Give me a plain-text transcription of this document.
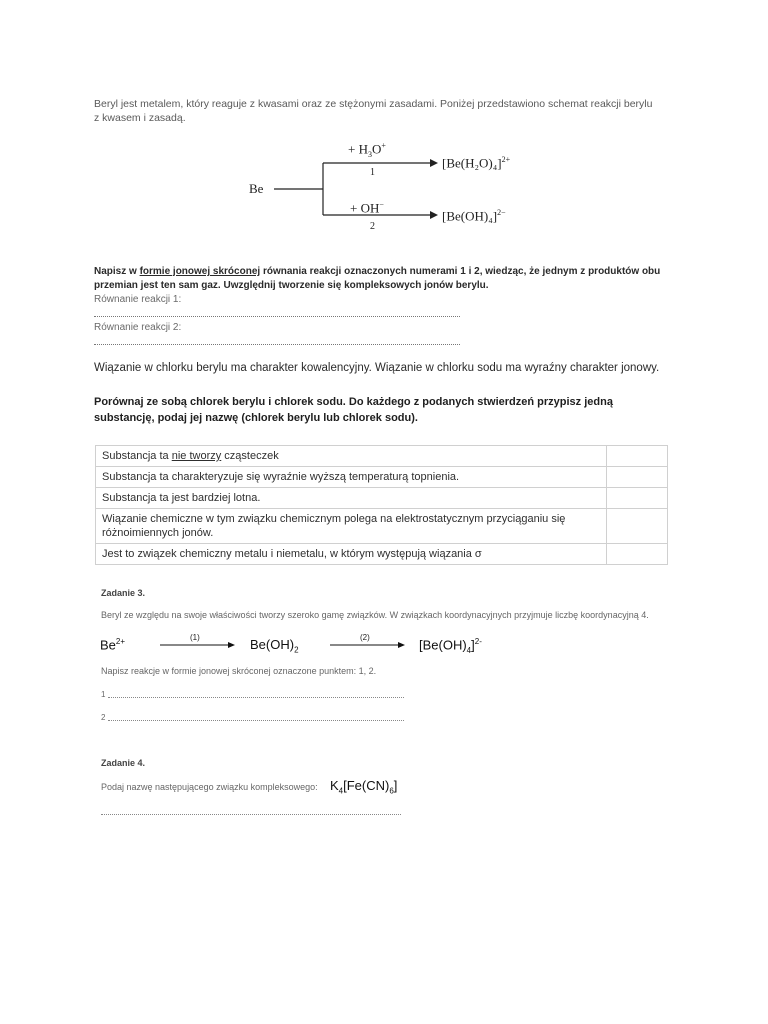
Beryl jest metalem, który reaguje z kwasami oraz ze stężonymi zasadami. Poniżej przedstawiono schemat reakcji berylu
z kwasem i zasadą.
Be
+ $H_3O^+$
1
$[Be(H_2O)_4]^{2+}$
+ OH−
2
$[Be(OH)_4]^{2-}$
Napisz w formie jonowej skróconej równania reakcji oznaczonych numerami 1 i 2, wiedząc, że jednym z produktów obu przemian jest ten sam gaz. Uwzględnij tworzenie się kompleksowych jonów berylu.
Równanie reakcji 1:
Równanie reakcji 2:
Wiązanie w chlorku berylu ma charakter kowalencyjny. Wiązanie w chlorku sodu ma wyraźny charakter jonowy.
Porównaj ze sobą chlorek berylu i chlorek sodu. Do każdego z podanych stwierdzeń przypisz jedną substancję, podaj jej nazwę (chlorek berylu lub chlorek sodu).
Substancja ta nie tworzy cząsteczek	
Substancja ta charakteryzuje się wyraźnie wyższą temperaturą topnienia.	
Substancja ta jest bardziej lotna.	
Wiązanie chemiczne w tym związku chemicznym polega na elektrostatycznym przyciąganiu się różnoimiennych jonów.	
Jest to związek chemiczny metalu i niemetalu, w którym występują wiązania σ	
Zadanie 3.
Beryl ze względu na swoje właściwości tworzy szeroko gamę związków. W związkach koordynacyjnych przyjmuje liczbę koordynacyjną 4.
$Be^{2+}$	(1)	$Be(OH)_2$
(2)	$[Be(OH)_4]^{2-}$
Napisz reakcje w formie jonowej skróconej oznaczone punktem: 1, 2.
1
2
Zadanie 4.
Podaj nazwę następującego związku kompleksowego: $K_4[Fe(CN)_6]$
